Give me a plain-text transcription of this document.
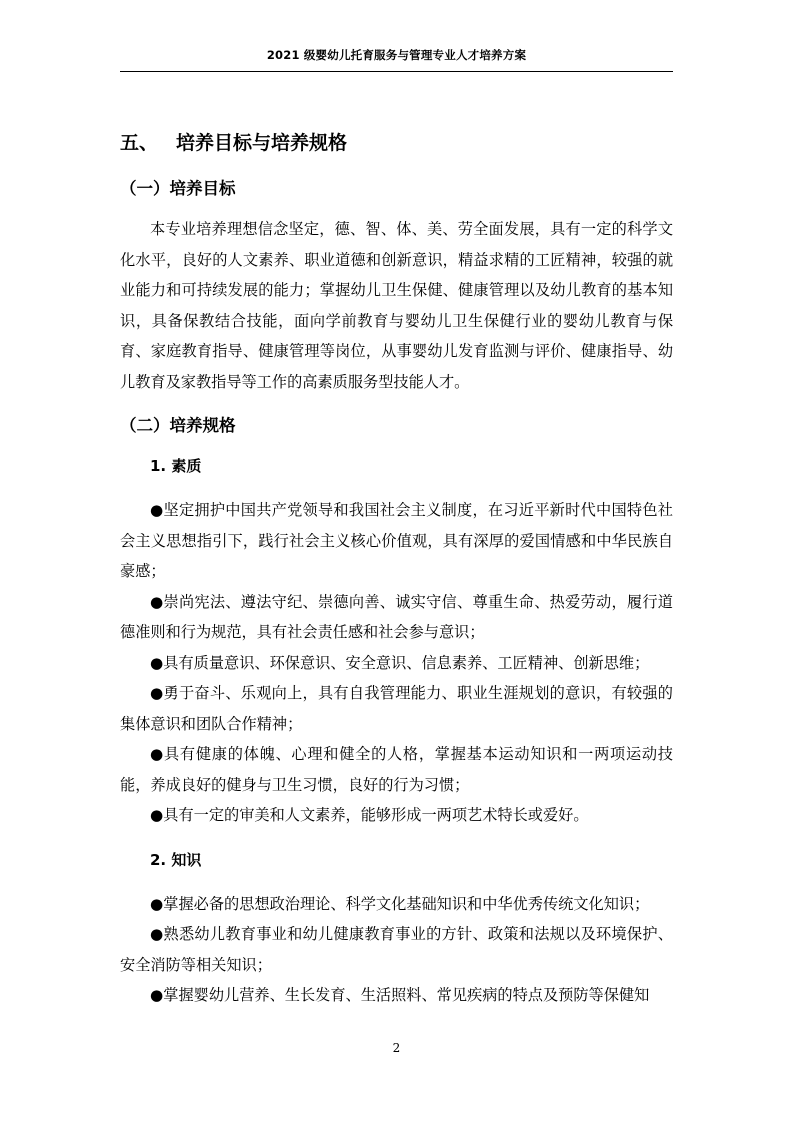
2021 级婴幼儿托育服务与管理专业人才培养方案
五、 培养目标与培养规格
（一）培养目标

本专业培养理想信念坚定，德、智、体、美、劳全面发展，具有一定的科学文化水平，良好的人文素养、职业道德和创新意识，精益求精的工匠精神，较强的就业能力和可持续发展的能力；掌握幼儿卫生保健、健康管理以及幼儿教育的基本知识，具备保教结合技能，面向学前教育与婴幼儿卫生保健行业的婴幼儿教育与保育、家庭教育指导、健康管理等岗位，从事婴幼儿发育监测与评价、健康指导、幼儿教育及家教指导等工作的高素质服务型技能人才。

（二）培养规格
1. 素质
●坚定拥护中国共产党领导和我国社会主义制度，在习近平新时代中国特色社会主义思想指引下，践行社会主义核心价值观，具有深厚的爱国情感和中华民族自豪感；
●崇尚宪法、遵法守纪、崇德向善、诚实守信、尊重生命、热爱劳动，履行道德准则和行为规范，具有社会责任感和社会参与意识；
●具有质量意识、环保意识、安全意识、信息素养、工匠精神、创新思维；
●勇于奋斗、乐观向上，具有自我管理能力、职业生涯规划的意识，有较强的集体意识和团队合作精神；
●具有健康的体魄、心理和健全的人格，掌握基本运动知识和一两项运动技能，养成良好的健身与卫生习惯，良好的行为习惯；
●具有一定的审美和人文素养，能够形成一两项艺术特长或爱好。
2. 知识
●掌握必备的思想政治理论、科学文化基础知识和中华优秀传统文化知识；
●熟悉幼儿教育事业和幼儿健康教育事业的方针、政策和法规以及环境保护、安全消防等相关知识；
●掌握婴幼儿营养、生长发育、生活照料、常见疾病的特点及预防等保健知
2
